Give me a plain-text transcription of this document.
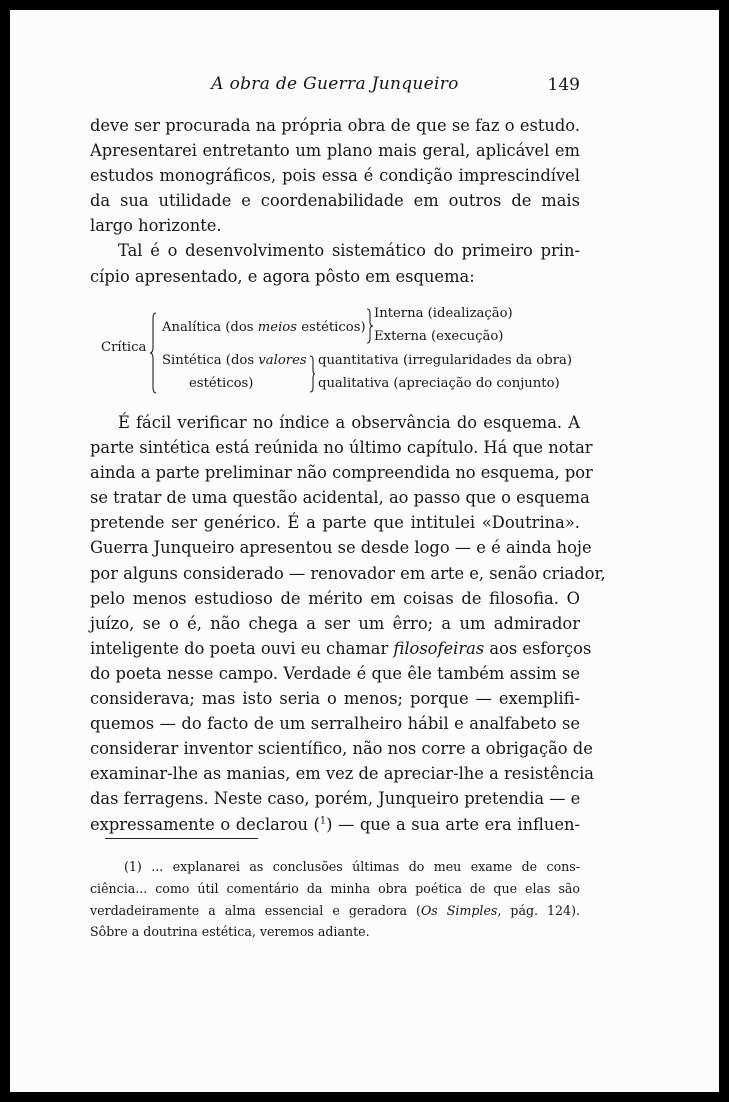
A obra de Guerra Junqueiro	149

deve ser procurada na própria obra de que se faz o estudo.
Apresentarei entretanto um plano mais geral, aplicável em
estudos monográficos, pois essa é condição imprescindível
da sua utilidade e coordenabilidade em outros de mais
largo horizonte.

Tal é o desenvolvimento sistemático do primeiro prin-
cípio apresentado, e agora pôsto em esquema:

Crítica
Analítica (dos meios estéticos)
Interna (idealização)
Externa (execução)
Sintética (dos valores
estéticos)
quantitativa (irregularidades da obra)
qualitativa (apreciação do conjunto)
É fácil verificar no índice a observância do esquema. A
parte sintética está reúnida no último capítulo. Há que notar
ainda a parte preliminar não compreendida no esquema, por
se tratar de uma questão acidental, ao passo que o esquema
pretende ser genérico. É a parte que intitulei «Doutrina».
Guerra Junqueiro apresentou se desde logo — e é ainda hoje
por alguns considerado — renovador em arte e, senão criador,
pelo menos estudioso de mérito em coisas de filosofia. O
juízo, se o é, não chega a ser um êrro; a um admirador
inteligente do poeta ouvi eu chamar filosofeiras aos esforços
do poeta nesse campo. Verdade é que êle também assim se
considerava; mas isto seria o menos; porque — exemplifi-
quemos — do facto de um serralheiro hábil e analfabeto se
considerar inventor scientífico, não nos corre a obrigação de
examinar-lhe as manias, em vez de apreciar-lhe a resistência
das ferragens. Neste caso, porém, Junqueiro pretendia — e
expressamente o declarou ($^1$) — que a sua arte era influen-
(1) ... explanarei as conclusões últimas do meu exame de cons-
ciência... como útil comentário da minha obra poética de que elas são
verdadeiramente a alma essencial e geradora (Os Simples, pág. 124).
Sôbre a doutrina estética, veremos adiante.
